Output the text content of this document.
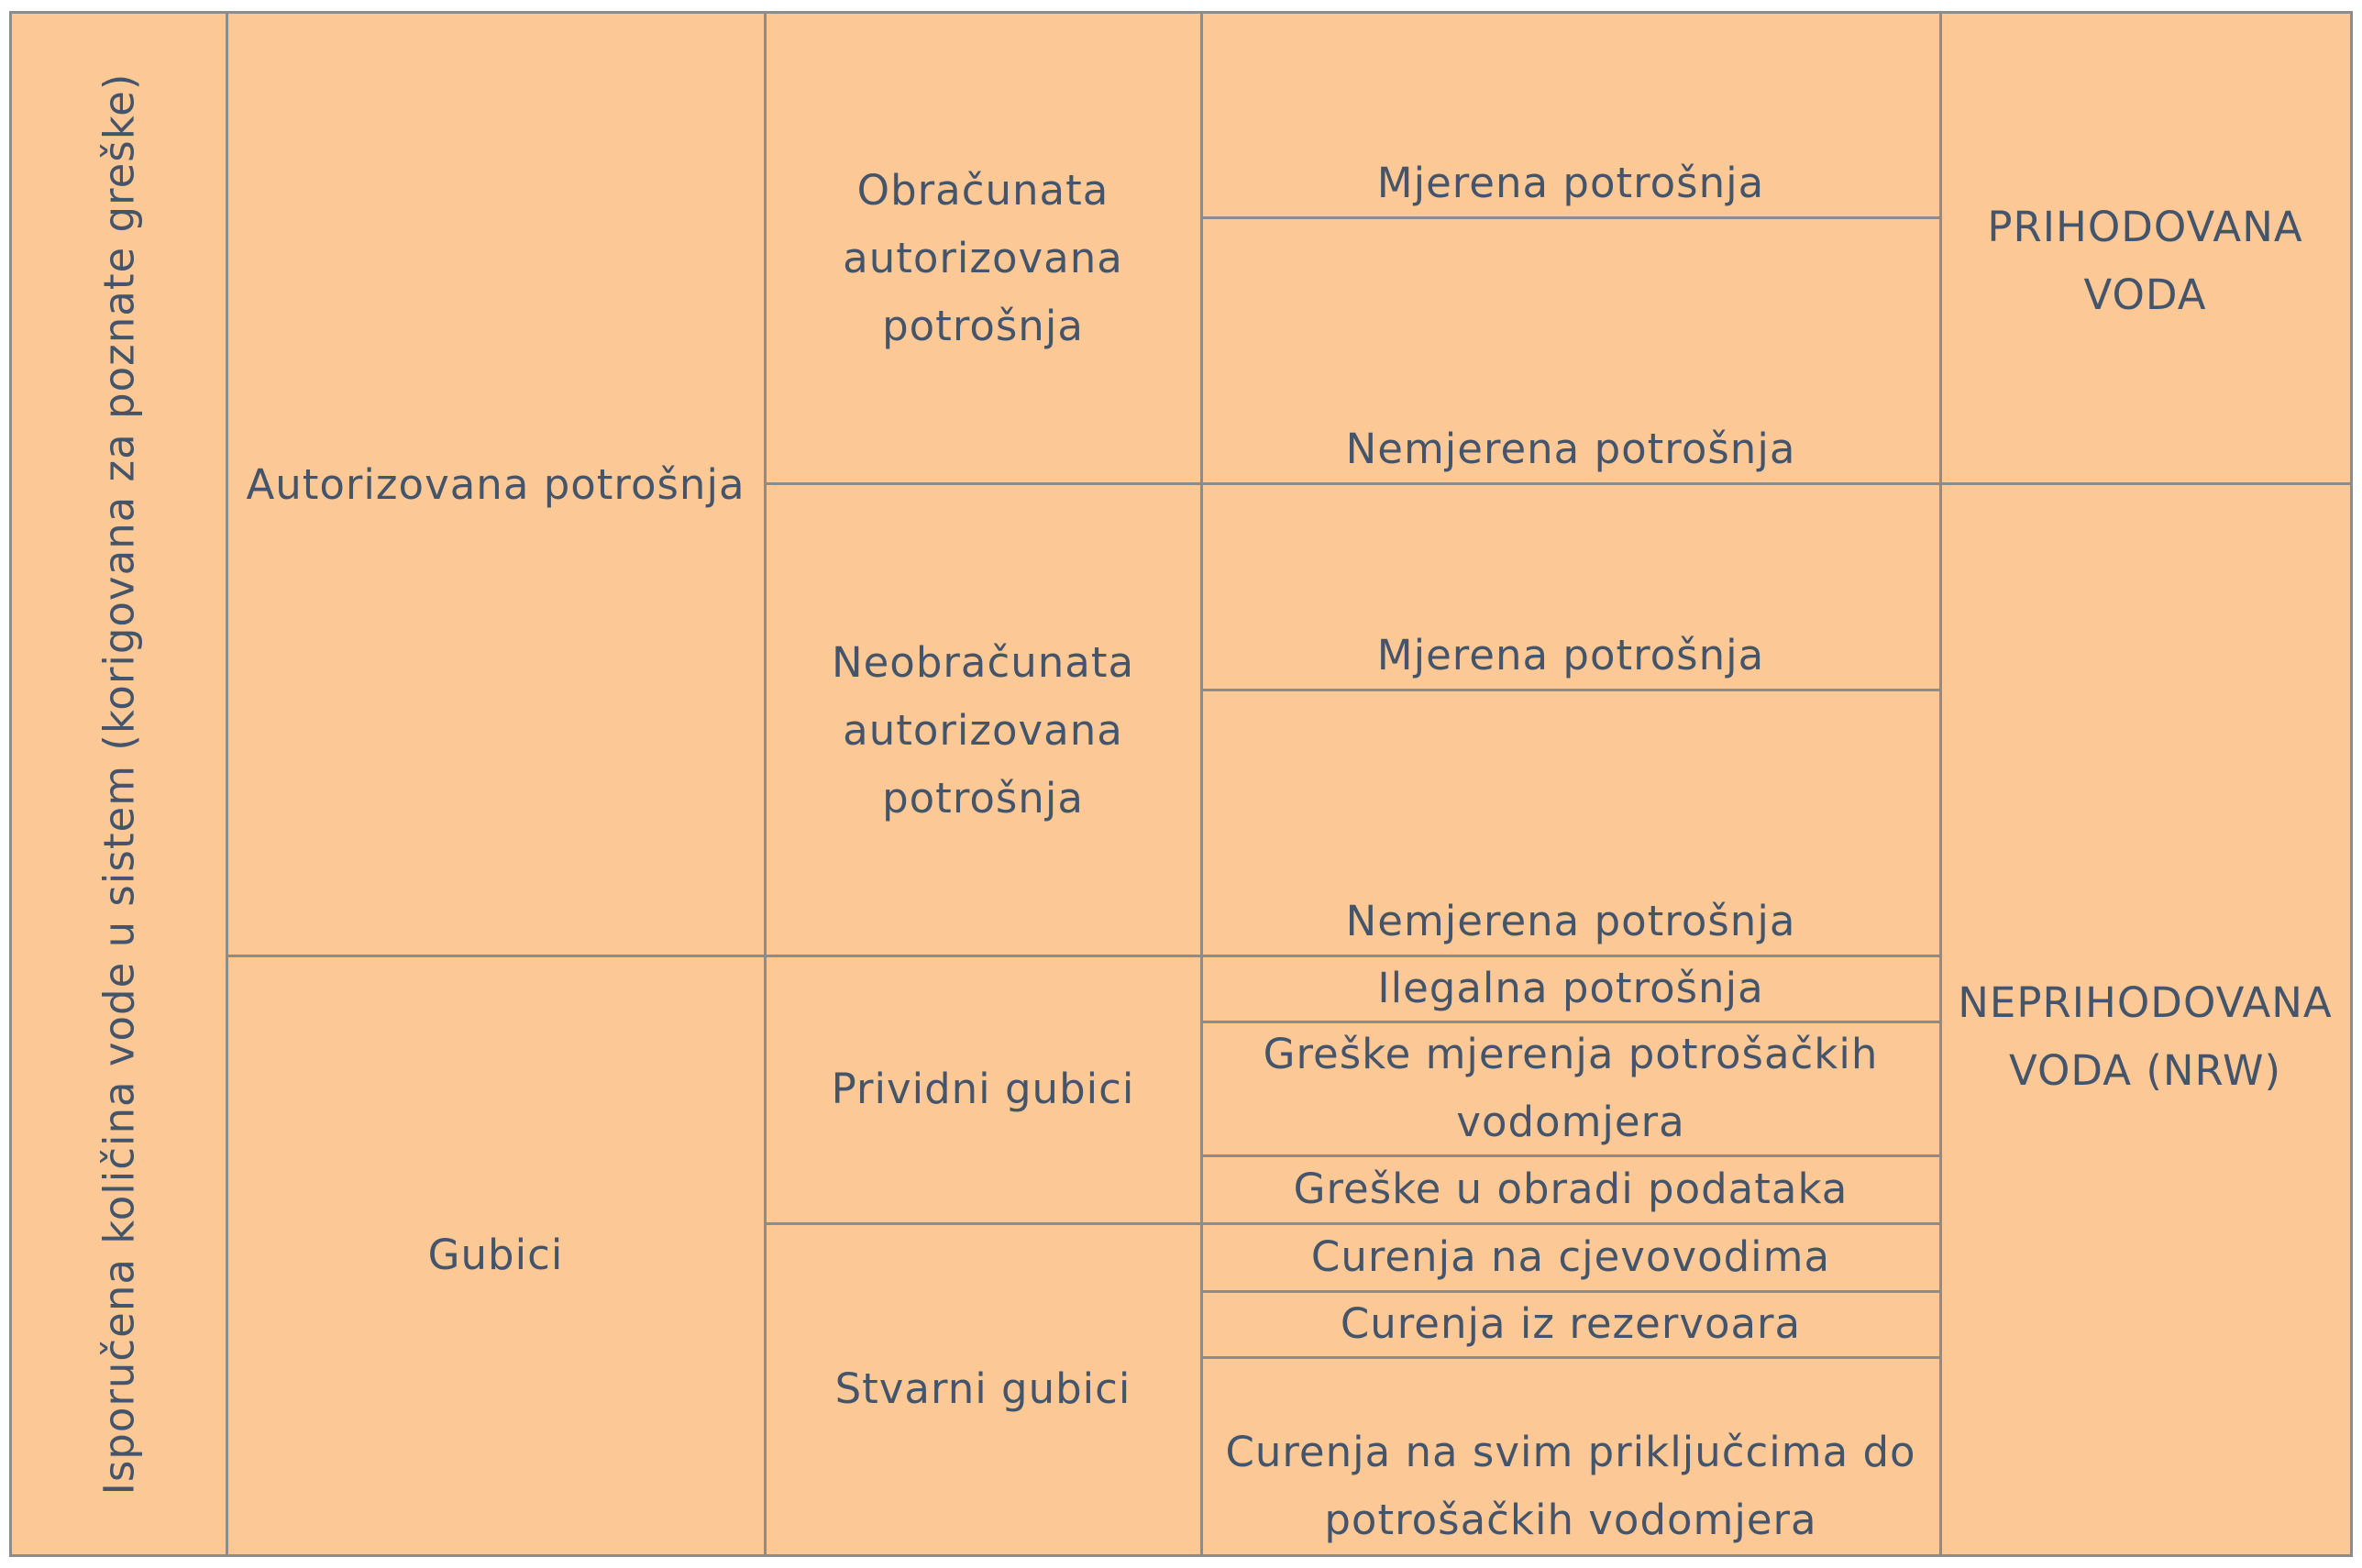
Isporučena količina vode u sistem (korigovana za poznate greške) Autorizovana potrošnja
Gubici
Obračunata
autorizovana
potrošnja
Neobračunata
autorizovana
potrošnja
Prividni gubici
Stvarni gubici
Mjerena potrošnja
Nemjerena potrošnja
Mjerena potrošnja
Nemjerena potrošnja
Ilegalna potrošnja
Greške mjerenja potrošačkih
vodomjera
Greške u obradi podataka
Curenja na cjevovodima
Curenja iz rezervoara
Curenja na svim priključcima do
potrošačkih vodomjera
PRIHODOVANA
VODA
NEPRIHODOVANA
VODA (NRW)
